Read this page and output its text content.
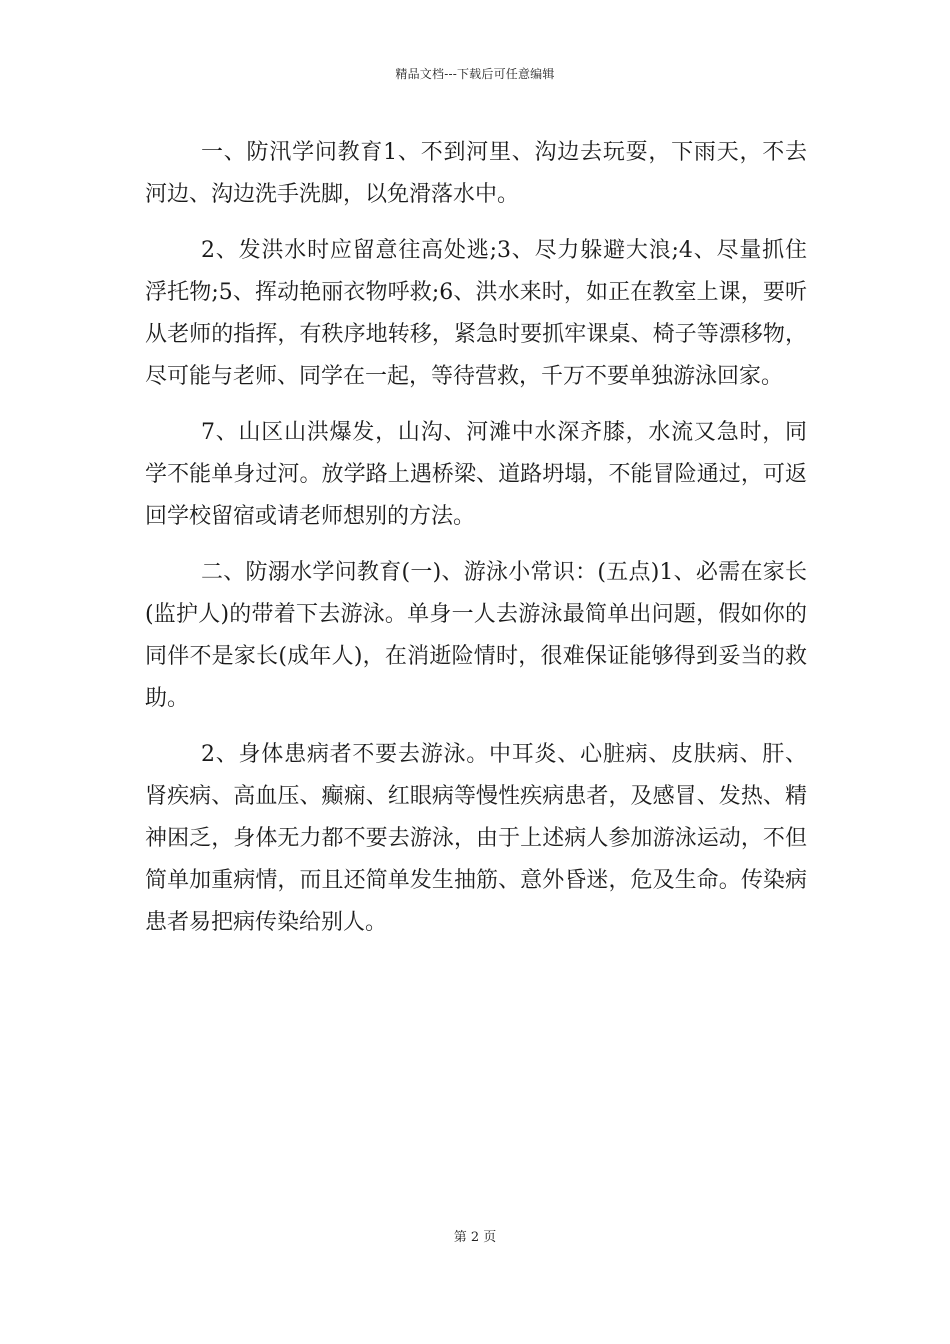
精品文档---下载后可任意编辑

一、防汛学问教育1、不到河里、沟边去玩耍，下雨天，不去河边、沟边洗手洗脚，以免滑落水中。

2、发洪水时应留意往高处逃;3、尽力躲避大浪;4、尽量抓住浮托物;5、挥动艳丽衣物呼救;6、洪水来时，如正在教室上课，要听从老师的指挥，有秩序地转移，紧急时要抓牢课桌、椅子等漂移物，尽可能与老师、同学在一起，等待营救，千万不要单独游泳回家。

7、山区山洪爆发，山沟、河滩中水深齐膝，水流又急时，同学不能单身过河。放学路上遇桥梁、道路坍塌，不能冒险通过，可返回学校留宿或请老师想别的方法。

二、防溺水学问教育(一)、游泳小常识：(五点)1、必需在家长(监护人)的带着下去游泳。单身一人去游泳最简单出问题，假如你的同伴不是家长(成年人)，在消逝险情时，很难保证能够得到妥当的救助。

2、身体患病者不要去游泳。中耳炎、心脏病、皮肤病、肝、肾疾病、高血压、癫痫、红眼病等慢性疾病患者，及感冒、发热、精神困乏，身体无力都不要去游泳，由于上述病人参加游泳运动，不但简单加重病情，而且还简单发生抽筋、意外昏迷，危及生命。传染病患者易把病传染给别人。

第 2 页
